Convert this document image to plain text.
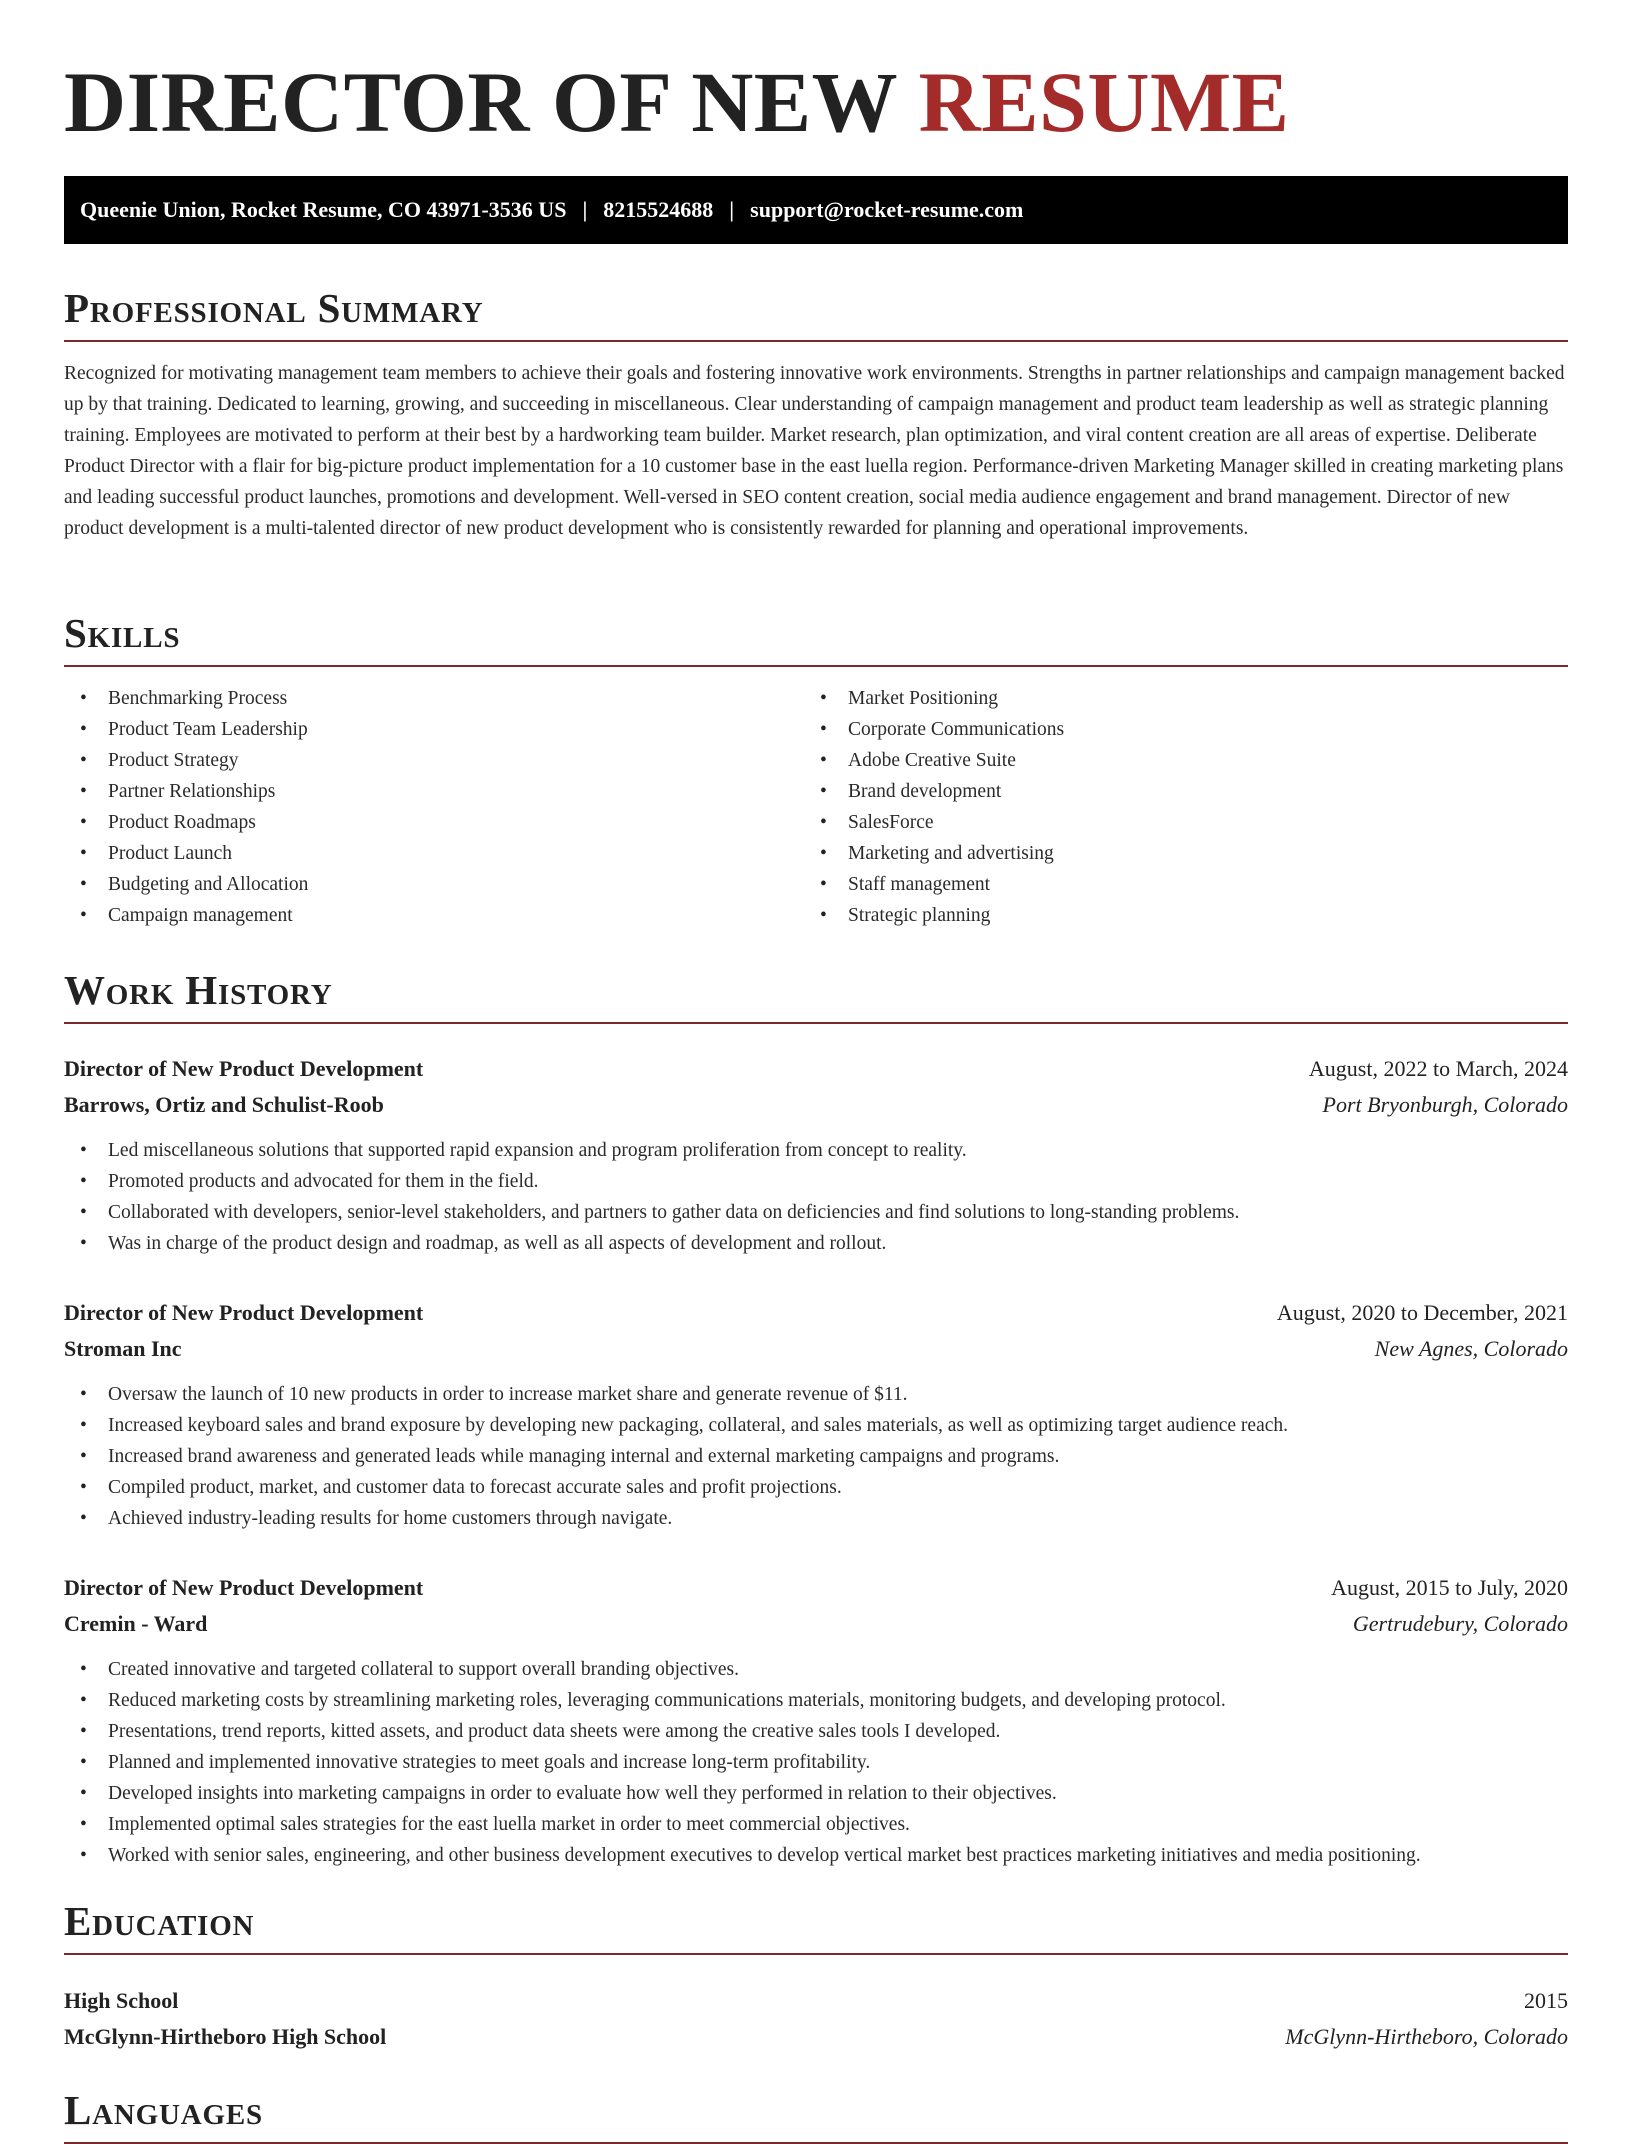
DIRECTOR OF NEW RESUME
Queenie Union, Rocket Resume, CO 43971-3536 US | 8215524688 | support@rocket-resume.com
Professional Summary

Recognized for motivating management team members to achieve their goals and fostering innovative work environments. Strengths in partner relationships and campaign management backed up by that training. Dedicated to learning, growing, and succeeding in miscellaneous. Clear understanding of campaign management and product team leadership as well as strategic planning training. Employees are motivated to perform at their best by a hardworking team builder. Market research, plan optimization, and viral content creation are all areas of expertise. Deliberate Product Director with a flair for big-picture product implementation for a 10 customer base in the east luella region. Performance-driven Marketing Manager skilled in creating marketing plans and leading successful product launches, promotions and development. Well-versed in SEO content creation, social media audience engagement and brand management. Director of new product development is a multi-talented director of new product development who is consistently rewarded for planning and operational improvements.

Skills
• Benchmarking Process
• Product Team Leadership
• Product Strategy
• Partner Relationships
• Product Roadmaps
• Product Launch
• Budgeting and Allocation
• Campaign management
• Market Positioning
• Corporate Communications
• Adobe Creative Suite
• Brand development
• SalesForce
• Marketing and advertising
• Staff management
• Strategic planning
Work History
Director of New Product Development	August, 2022 to March, 2024
Barrows, Ortiz and Schulist-Roob	Port Bryonburgh, Colorado
• Led miscellaneous solutions that supported rapid expansion and program proliferation from concept to reality.
• Promoted products and advocated for them in the field.
• Collaborated with developers, senior-level stakeholders, and partners to gather data on deficiencies and find solutions to long-standing problems.
• Was in charge of the product design and roadmap, as well as all aspects of development and rollout.
Director of New Product Development	August, 2020 to December, 2021
Stroman Inc	New Agnes, Colorado
• Oversaw the launch of 10 new products in order to increase market share and generate revenue of $11.
• Increased keyboard sales and brand exposure by developing new packaging, collateral, and sales materials, as well as optimizing target audience reach.
• Increased brand awareness and generated leads while managing internal and external marketing campaigns and programs.
• Compiled product, market, and customer data to forecast accurate sales and profit projections.
• Achieved industry-leading results for home customers through navigate.
Director of New Product Development	August, 2015 to July, 2020
Cremin - Ward	Gertrudebury, Colorado
• Created innovative and targeted collateral to support overall branding objectives.
• Reduced marketing costs by streamlining marketing roles, leveraging communications materials, monitoring budgets, and developing protocol.
• Presentations, trend reports, kitted assets, and product data sheets were among the creative sales tools I developed.
• Planned and implemented innovative strategies to meet goals and increase long-term profitability.
• Developed insights into marketing campaigns in order to evaluate how well they performed in relation to their objectives.
• Implemented optimal sales strategies for the east luella market in order to meet commercial objectives.
• Worked with senior sales, engineering, and other business development executives to develop vertical market best practices marketing initiatives and media positioning.
Education
High School	2015
McGlynn-Hirtheboro High School	McGlynn-Hirtheboro, Colorado
Languages
